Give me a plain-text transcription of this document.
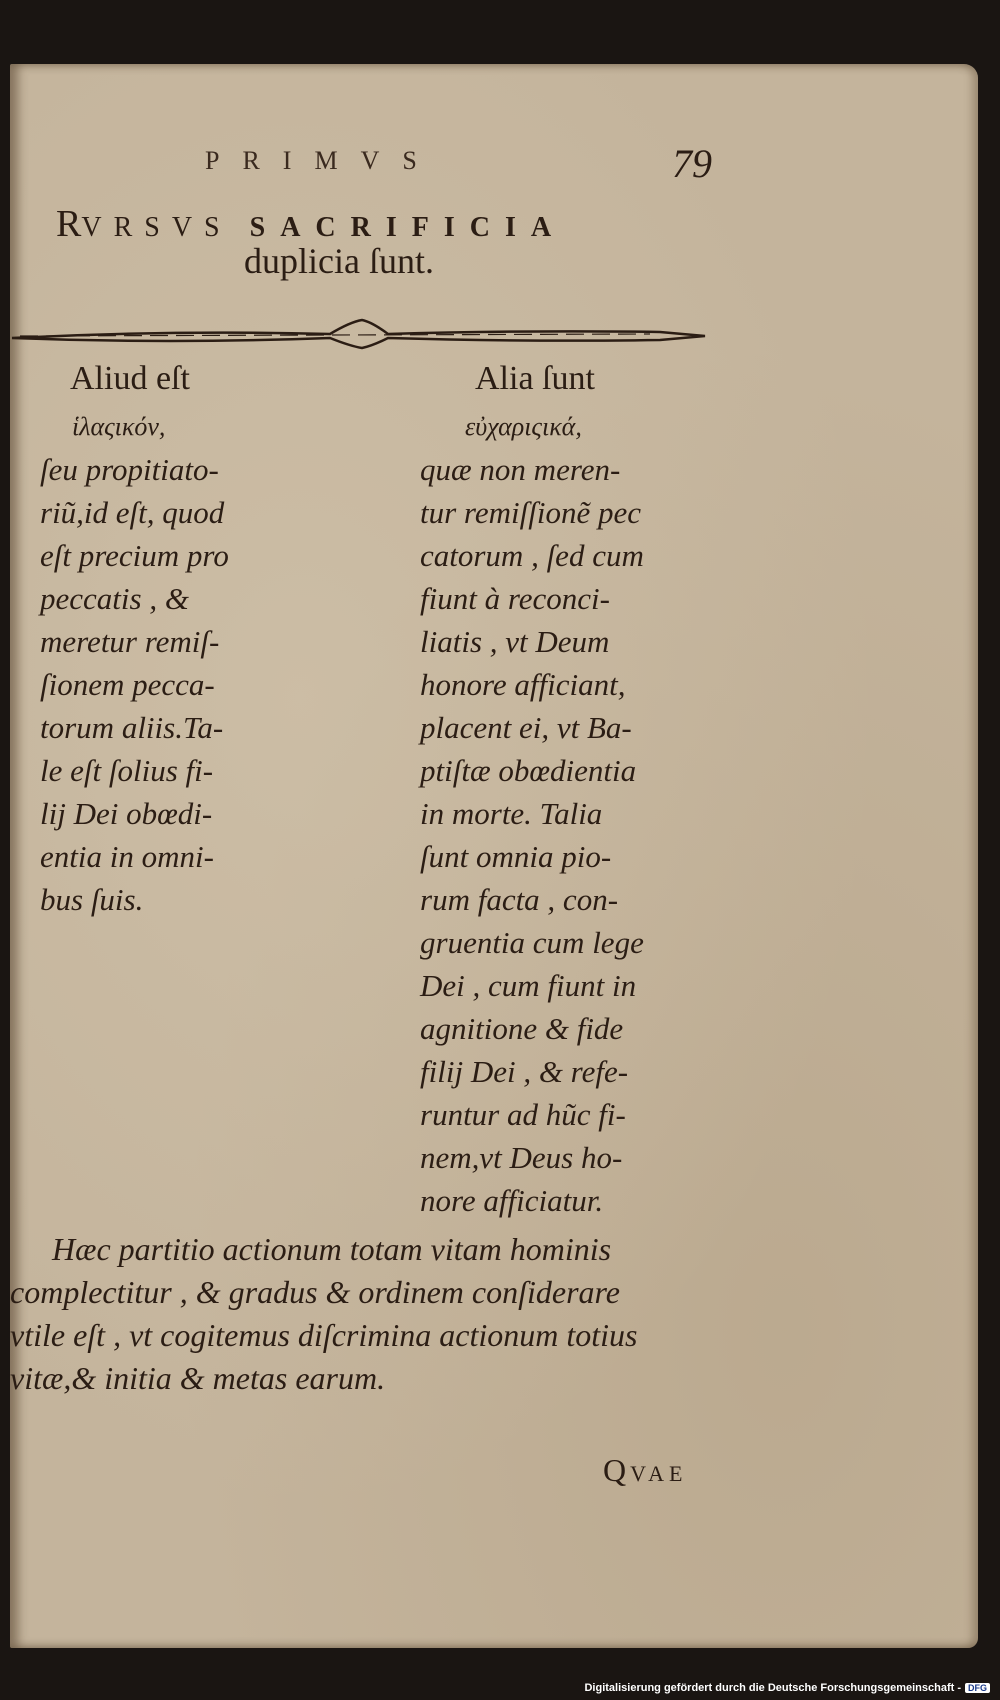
PRIMVS	79
RVRSVS SACRIFICIA
duplicia ſunt.
Aliud eſt	Alia ſunt
ἱλαςικόν,	εὐχαριςικά,
ſeu propitiato-
riũ,id eſt, quod
eſt precium pro
peccatis , &
meretur remiſ-
ſionem pecca-
torum aliis.Ta-
le eſt ſolius fi-
lij Dei obœdi-
entia in omni-
bus ſuis.
quæ non meren-
tur remiſſionẽ pec
catorum , ſed cum
fiunt à reconci-
liatis , vt Deum
honore afficiant,
placent ei, vt Ba-
ptiſtæ obœdientia
in morte. Talia
ſunt omnia pio-
rum facta , con-
gruentia cum lege
Dei , cum fiunt in
agnitione & fide
filij Dei , & refe-
runtur ad hũc fi-
nem,vt Deus ho-
nore afficiatur.
Hæc partitio actionum totam vitam hominis
complectitur , & gradus & ordinem conſiderare
vtile eſt , vt cogitemus diſcrimina actionum totius
vitæ,& initia & metas earum.
QVAE
Digitalisierung gefördert durch die Deutsche Forschungsgemeinschaft - DFG
